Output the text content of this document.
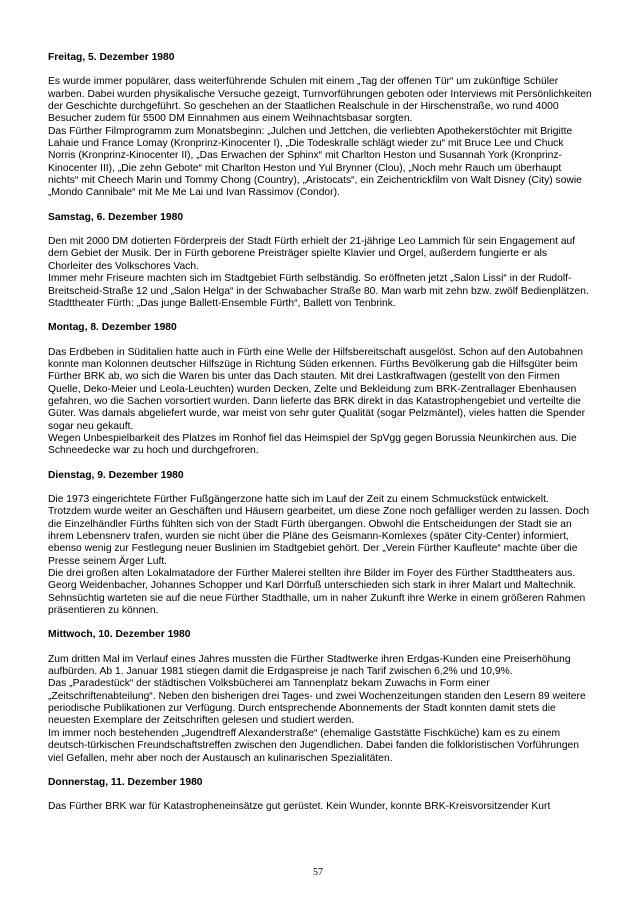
Freitag, 5. Dezember 1980

Es wurde immer populärer, dass weiterführende Schulen mit einem „Tag der offenen Tür“ um zukünftige Schüler warben. Dabei wurden physikalische Versuche gezeigt, Turnvorführungen geboten oder Interviews mit Persönlichkeiten der Geschichte durchgeführt. So geschehen an der Staatlichen Realschule in der Hirschenstraße, wo rund 4000 Besucher zudem für 5500 DM Einnahmen aus einem Weihnachtsbasar sorgten.

Das Fürther Filmprogramm zum Monatsbeginn: „Julchen und Jettchen, die verliebten Apothekerstöchter mit Brigitte Lahaie und France Lomay (Kronprinz-Kinocenter I), „Die Todeskralle schlägt wieder zu“ mit Bruce Lee und Chuck Norris (Kronprinz-Kinocenter II), „Das Erwachen der Sphinx“ mit Charlton Heston und Susannah York (Kronprinz-Kinocenter III), „Die zehn Gebote“ mit Charlton Heston und Yul Brynner (Clou), „Noch mehr Rauch um überhaupt nichts“ mit Cheech Marin und Tommy Chong (Country), „Aristocats“, ein Zeichentrickfilm von Walt Disney (City) sowie „Mondo Cannibale“ mit Me Me Lai und Ivan Rassimov (Condor).

Samstag, 6. Dezember 1980

Den mit 2000 DM dotierten Förderpreis der Stadt Fürth erhielt der 21-jährige Leo Lammich für sein Engagement auf dem Gebiet der Musik. Der in Fürth geborene Preisträger spielte Klavier und Orgel, außerdem fungierte er als Chorleiter des Volkschores Vach.

Immer mehr Friseure machten sich im Stadtgebiet Fürth selbständig. So eröffneten jetzt „Salon Lissi“ in der Rudolf-Breitscheid-Straße 12 und „Salon Helga“ in der Schwabacher Straße 80. Man warb mit zehn bzw. zwölf Bedienplätzen.

Stadttheater Fürth: „Das junge Ballett-Ensemble Fürth“, Ballett von Tenbrink.

Montag, 8. Dezember 1980

Das Erdbeben in Süditalien hatte auch in Fürth eine Welle der Hilfsbereitschaft ausgelöst. Schon auf den Autobahnen konnte man Kolonnen deutscher Hilfszüge in Richtung Süden erkennen. Fürths Bevölkerung gab die Hilfsgüter beim Fürther BRK ab, wo sich die Waren bis unter das Dach stauten. Mit drei Lastkraftwagen (gestellt von den Firmen Quelle, Deko-Meier und Leola-Leuchten) wurden Decken, Zelte und Bekleidung zum BRK-Zentrallager Ebenhausen gefahren, wo die Sachen vorsortiert wurden. Dann lieferte das BRK direkt in das Katastrophengebiet und verteilte die Güter. Was damals abgeliefert wurde, war meist von sehr guter Qualität (sogar Pelzmäntel), vieles hatten die Spender sogar neu gekauft.

Wegen Unbespielbarkeit des Platzes im Ronhof fiel das Heimspiel der SpVgg gegen Borussia Neunkirchen aus. Die Schneedecke war zu hoch und durchgefroren.

Dienstag, 9. Dezember 1980

Die 1973 eingerichtete Fürther Fußgängerzone hatte sich im Lauf der Zeit zu einem Schmuckstück entwickelt. Trotzdem wurde weiter an Geschäften und Häusern gearbeitet, um diese Zone noch gefälliger werden zu lassen. Doch die Einzelhändler Fürths fühlten sich von der Stadt Fürth übergangen. Obwohl die Entscheidungen der Stadt sie an ihrem Lebensnerv trafen, wurden sie nicht über die Pläne des Geismann-Komlexes (später City-Center) informiert, ebenso wenig zur Festlegung neuer Buslinien im Stadtgebiet gehört. Der „Verein Fürther Kaufleute“ machte über die Presse seinem Ärger Luft.

Die drei großen alten Lokalmatadore der Fürther Malerei stellten ihre Bilder im Foyer des Fürther Stadttheaters aus. Georg Weidenbacher, Johannes Schopper und Karl Dörrfuß unterschieden sich stark in ihrer Malart und Maltechnik. Sehnsüchtig warteten sie auf die neue Fürther Stadthalle, um in naher Zukunft ihre Werke in einem größeren Rahmen präsentieren zu können.

Mittwoch, 10. Dezember 1980

Zum dritten Mal im Verlauf eines Jahres mussten die Fürther Stadtwerke ihren Erdgas-Kunden eine Preiserhöhung aufbürden. Ab 1. Januar 1981 stiegen damit die Erdgaspreise je nach Tarif zwischen 6,2% und 10,9%.

Das „Paradestück“ der städtischen Volksbücherei am Tannenplatz bekam Zuwachs in Form einer „Zeitschriftenabteilung“. Neben den bisherigen drei Tages- und zwei Wochenzeitungen standen den Lesern 89 weitere periodische Publikationen zur Verfügung. Durch entsprechende Abonnements der Stadt konnten damit stets die neuesten Exemplare der Zeitschriften gelesen und studiert werden.

Im immer noch bestehenden „Jugendtreff Alexanderstraße“ (ehemalige Gaststätte Fischküche) kam es zu einem deutsch-türkischen Freundschaftstreffen zwischen den Jugendlichen. Dabei fanden die folkloristischen Vorführungen viel Gefallen, mehr aber noch der Austausch an kulinarischen Spezialitäten.

Donnerstag, 11. Dezember 1980

Das Fürther BRK war für Katastropheneinsätze gut gerüstet. Kein Wunder, konnte BRK-Kreisvorsitzender Kurt

57
